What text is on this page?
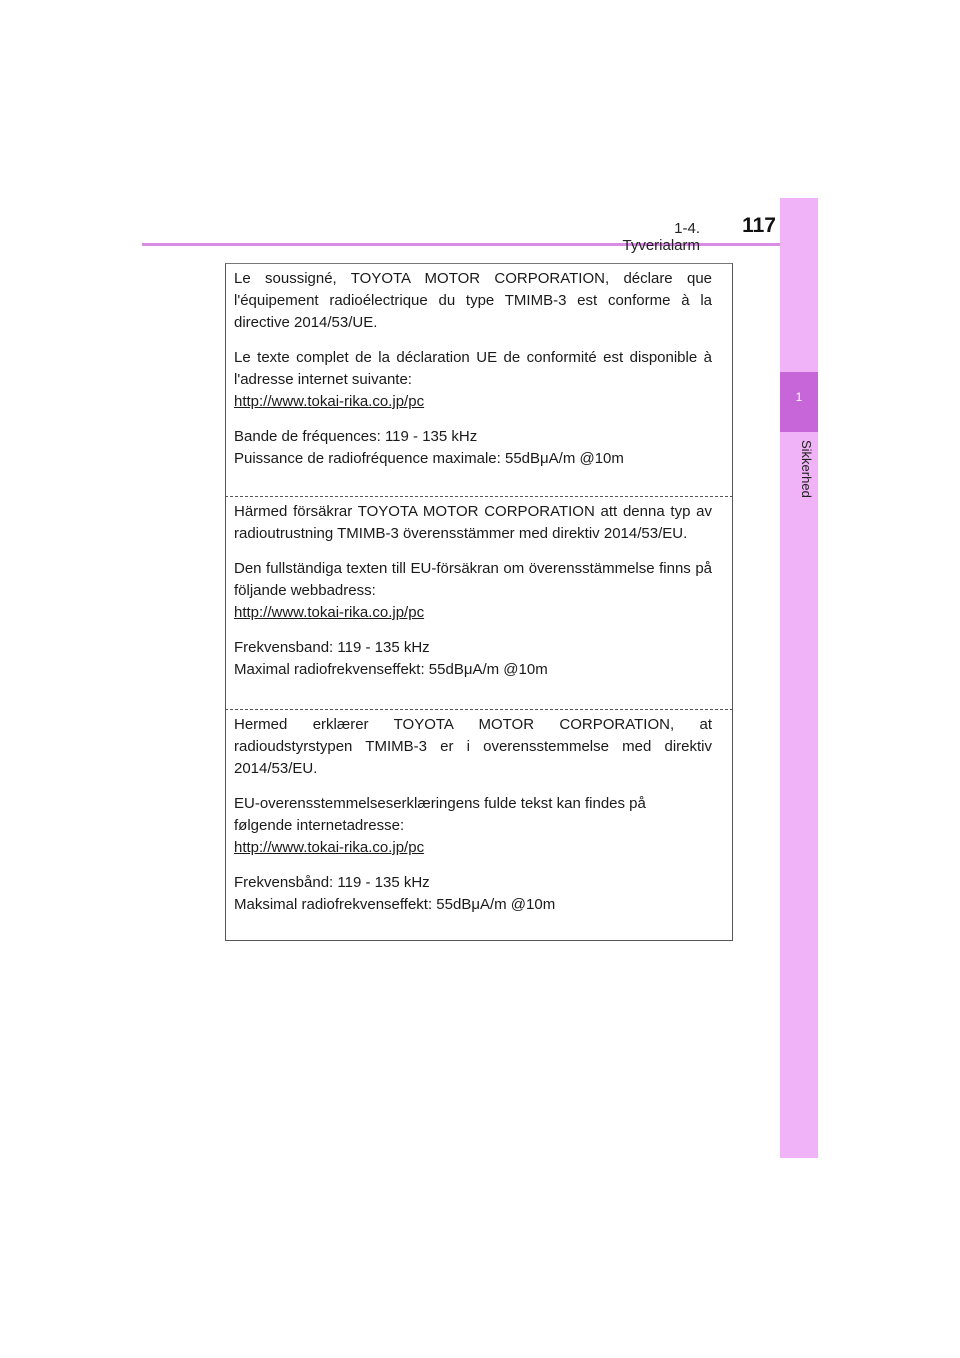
1-4. Tyverialarm
117
1
Sikkerhed

Le soussigné, TOYOTA MOTOR CORPORATION, déclare que l'équipement radioélectrique du type TMIMB-3 est conforme à la directive 2014/53/UE.

Le texte complet de la déclaration UE de conformité est disponible à l'adresse internet suivante:
http://www.tokai-rika.co.jp/pc

Bande de fréquences: 119 - 135 kHz
Puissance de radiofréquence maximale: 55dBμA/m @10m

Härmed försäkrar TOYOTA MOTOR CORPORATION att denna typ av radioutrustning TMIMB-3 överensstämmer med direktiv 2014/53/EU.

Den fullständiga texten till EU-försäkran om överensstämmelse finns på följande webbadress:
http://www.tokai-rika.co.jp/pc

Frekvensband: 119 - 135 kHz
Maximal radiofrekvenseffekt: 55dBμA/m @10m

Hermed erklærer TOYOTA MOTOR CORPORATION, at radioudstyrstypen TMIMB-3 er i overensstemmelse med direktiv 2014/53/EU.

EU-overensstemmelseserklæringens fulde tekst kan findes på
følgende internetadresse:
http://www.tokai-rika.co.jp/pc

Frekvensbånd: 119 - 135 kHz
Maksimal radiofrekvenseffekt: 55dBμA/m @10m
